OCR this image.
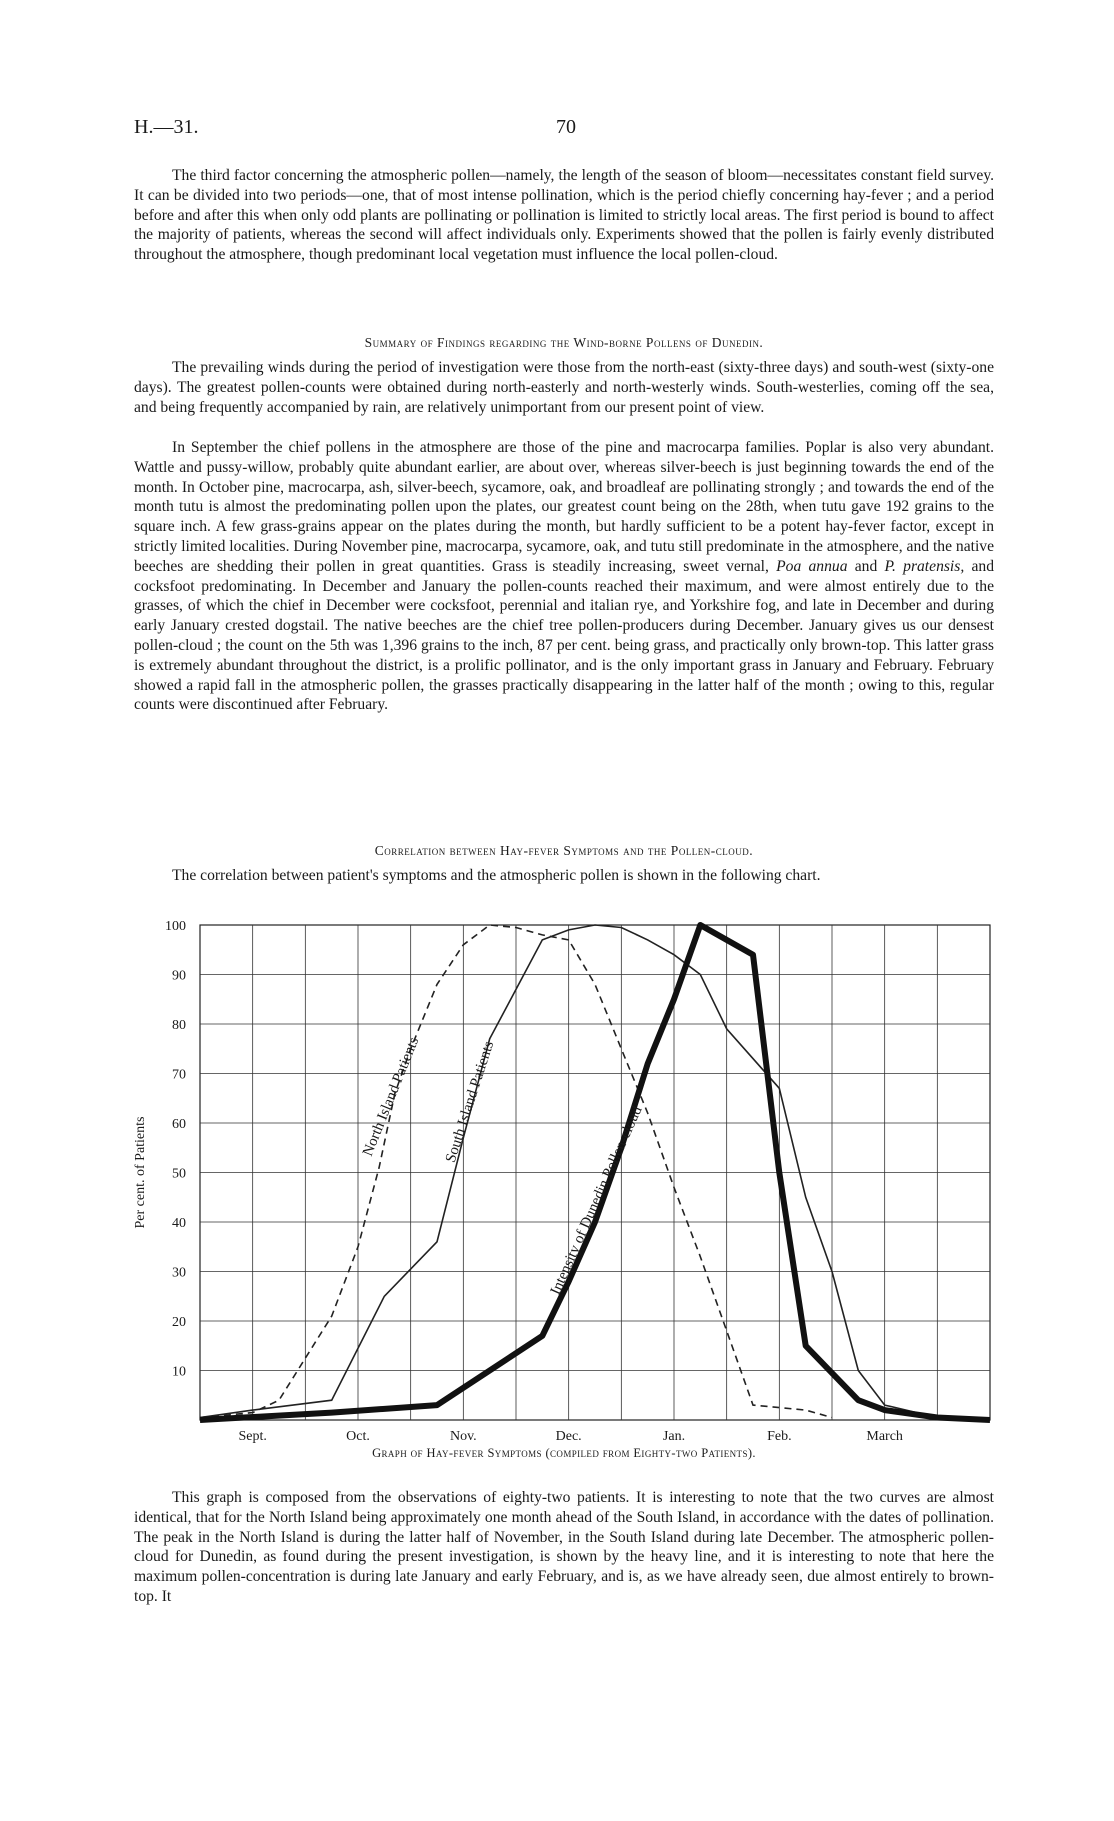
H.—31.	70

The third factor concerning the atmospheric pollen—namely, the length of the season of bloom—necessitates constant field survey. It can be divided into two periods—one, that of most intense pollination, which is the period chiefly concerning hay-fever ; and a period before and after this when only odd plants are pollinating or pollination is limited to strictly local areas. The first period is bound to affect the majority of patients, whereas the second will affect individuals only. Experiments showed that the pollen is fairly evenly distributed throughout the atmosphere, though predominant local vegetation must influence the local pollen-cloud.

Summary of Findings regarding the Wind-borne Pollens of Dunedin.

The prevailing winds during the period of investigation were those from the north-east (sixty-three days) and south-west (sixty-one days). The greatest pollen-counts were obtained during north-easterly and north-westerly winds. South-westerlies, coming off the sea, and being frequently accompanied by rain, are relatively unimportant from our present point of view.

In September the chief pollens in the atmosphere are those of the pine and macrocarpa families. Poplar is also very abundant. Wattle and pussy-willow, probably quite abundant earlier, are about over, whereas silver-beech is just beginning towards the end of the month. In October pine, macrocarpa, ash, silver-beech, sycamore, oak, and broadleaf are pollinating strongly ; and towards the end of the month tutu is almost the predominating pollen upon the plates, our greatest count being on the 28th, when tutu gave 192 grains to the square inch. A few grass-grains appear on the plates during the month, but hardly sufficient to be a potent hay-fever factor, except in strictly limited localities. During November pine, macrocarpa, sycamore, oak, and tutu still predominate in the atmosphere, and the native beeches are shedding their pollen in great quantities. Grass is steadily increasing, sweet vernal, Poa annua and P. pratensis, and cocksfoot predominating. In December and January the pollen-counts reached their maximum, and were almost entirely due to the grasses, of which the chief in December were cocksfoot, perennial and italian rye, and Yorkshire fog, and late in December and during early January crested dogstail. The native beeches are the chief tree pollen-producers during December. January gives us our densest pollen-cloud ; the count on the 5th was 1,396 grains to the inch, 87 per cent. being grass, and practically only brown-top. This latter grass is extremely abundant throughout the district, is a prolific pollinator, and is the only important grass in January and February. February showed a rapid fall in the atmospheric pollen, the grasses practically disappearing in the latter half of the month ; owing to this, regular counts were discontinued after February.

Correlation between Hay-fever Symptoms and the Pollen-cloud.

The correlation between patient's symptoms and the atmospheric pollen is shown in the following chart.

10
20
30
40
50
60
70
80
90
100
Sept.	Oct.	Nov.	Dec.	Jan.	Feb.	March
Per cent. of Patients
North Island Patients South Island Patients
Intensity of Dunedin Pollen-cloud
Graph of Hay-fever Symptoms (compiled from Eighty-two Patients).

This graph is composed from the observations of eighty-two patients. It is interesting to note that the two curves are almost identical, that for the North Island being approximately one month ahead of the South Island, in accordance with the dates of pollination. The peak in the North Island is during the latter half of November, in the South Island during late December. The atmospheric pollen-cloud for Dunedin, as found during the present investigation, is shown by the heavy line, and it is interesting to note that here the maximum pollen-concentration is during late January and early February, and is, as we have already seen, due almost entirely to brown-top. It
